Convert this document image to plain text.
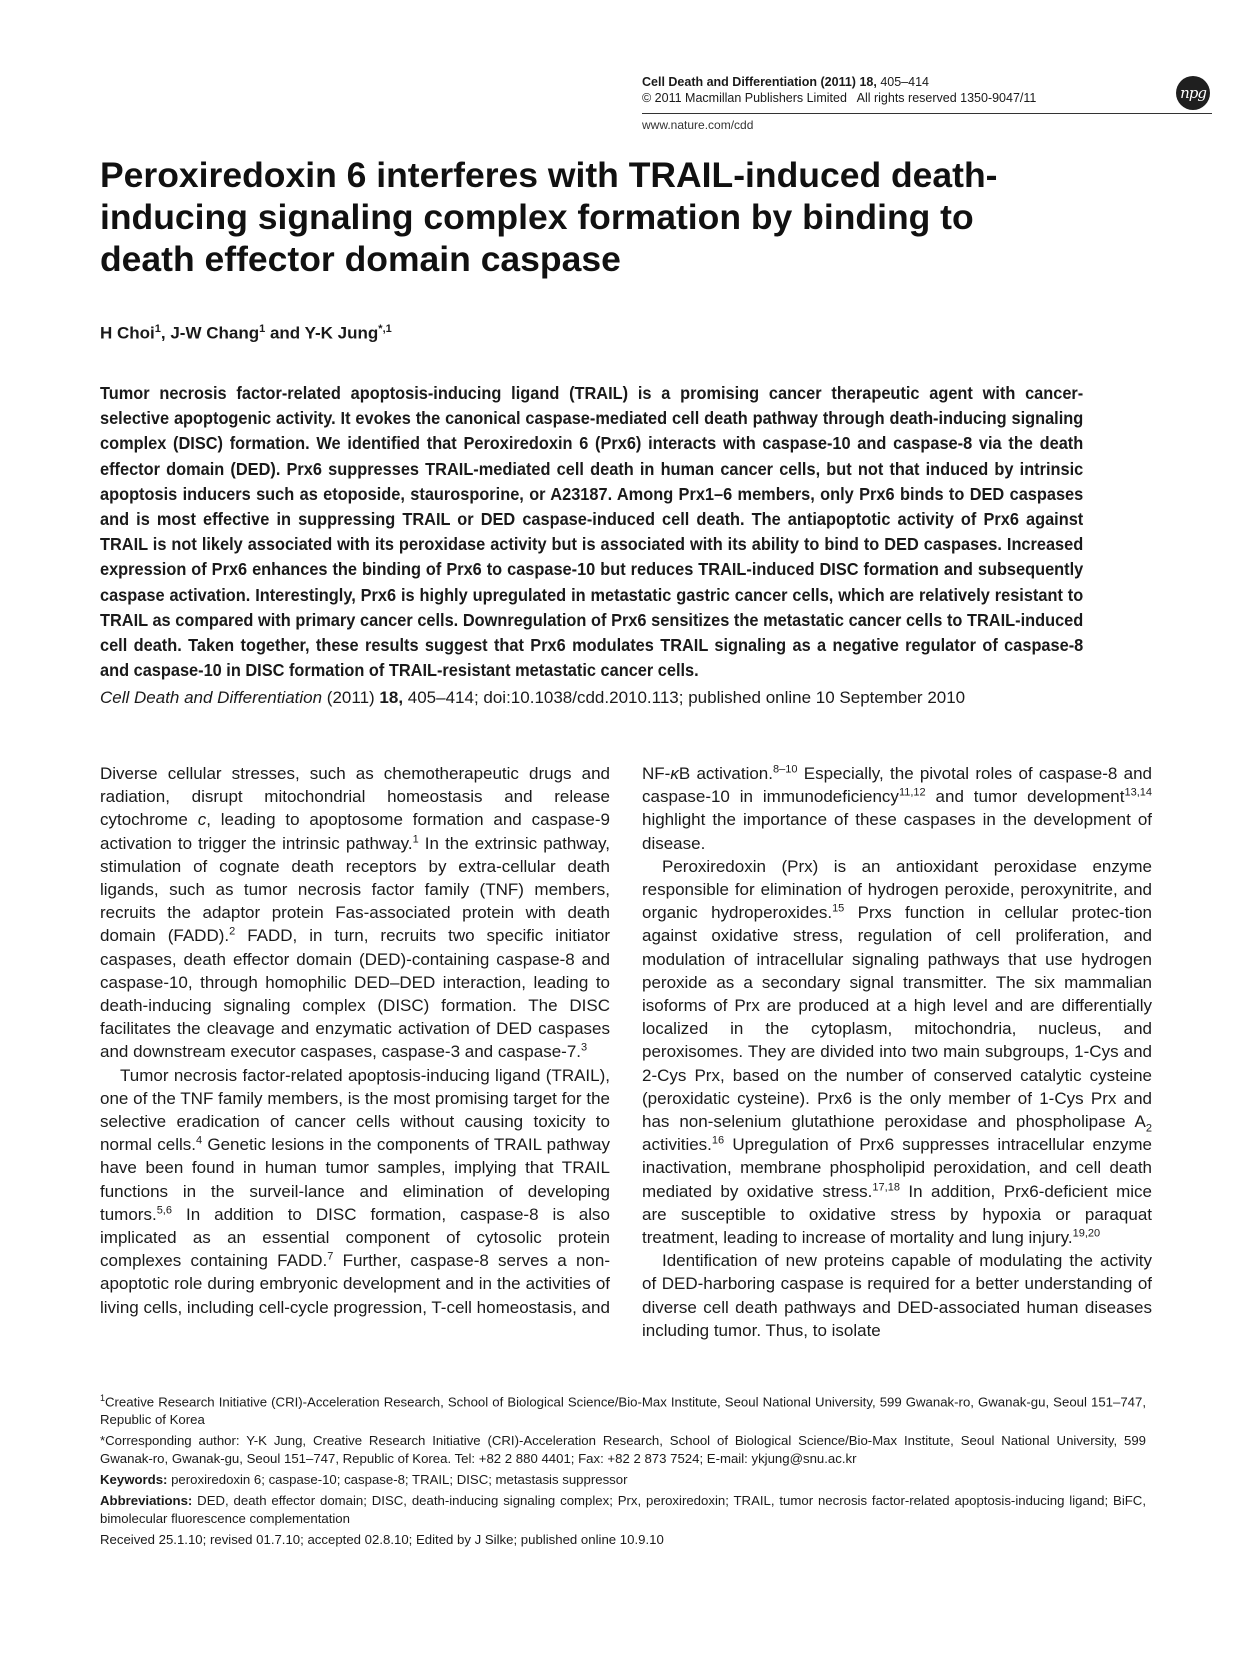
Cell Death and Differentiation (2011) 18, 405–414
© 2011 Macmillan Publishers Limited   All rights reserved 1350-9047/11
www.nature.com/cdd
npg
Peroxiredoxin 6 interferes with TRAIL-induced death-inducing signaling complex formation by binding to death effector domain caspase
H Choi$^1$, J-W Chang$^1$ and Y-K Jung$^{*,1}$
Tumor necrosis factor-related apoptosis-inducing ligand (TRAIL) is a promising cancer therapeutic agent with cancer-selective apoptogenic activity. It evokes the canonical caspase-mediated cell death pathway through death-inducing signaling complex (DISC) formation. We identified that Peroxiredoxin 6 (Prx6) interacts with caspase-10 and caspase-8 via the death effector domain (DED). Prx6 suppresses TRAIL-mediated cell death in human cancer cells, but not that induced by intrinsic apoptosis inducers such as etoposide, staurosporine, or A23187. Among Prx1–6 members, only Prx6 binds to DED caspases and is most effective in suppressing TRAIL or DED caspase-induced cell death. The antiapoptotic activity of Prx6 against TRAIL is not likely associated with its peroxidase activity but is associated with its ability to bind to DED caspases. Increased expression of Prx6 enhances the binding of Prx6 to caspase-10 but reduces TRAIL-induced DISC formation and subsequently caspase activation. Interestingly, Prx6 is highly upregulated in metastatic gastric cancer cells, which are relatively resistant to TRAIL as compared with primary cancer cells. Downregulation of Prx6 sensitizes the metastatic cancer cells to TRAIL-induced cell death. Taken together, these results suggest that Prx6 modulates TRAIL signaling as a negative regulator of caspase-8 and caspase-10 in DISC formation of TRAIL-resistant metastatic cancer cells.
Cell Death and Differentiation (2011) 18, 405–414; doi:10.1038/cdd.2010.113; published online 10 September 2010

Diverse cellular stresses, such as chemotherapeutic drugs and radiation, disrupt mitochondrial homeostasis and release cytochrome c, leading to apoptosome formation and caspase-9 activation to trigger the intrinsic pathway.$^1$ In the extrinsic pathway, stimulation of cognate death receptors by extra-cellular death ligands, such as tumor necrosis factor family (TNF) members, recruits the adaptor protein Fas-associated protein with death domain (FADD).$^2$ FADD, in turn, recruits two specific initiator caspases, death effector domain (DED)-containing caspase-8 and caspase-10, through homophilic DED–DED interaction, leading to death-inducing signaling complex (DISC) formation. The DISC facilitates the cleavage and enzymatic activation of DED caspases and downstream executor caspases, caspase-3 and caspase-7.$^3$

Tumor necrosis factor-related apoptosis-inducing ligand (TRAIL), one of the TNF family members, is the most promising target for the selective eradication of cancer cells without causing toxicity to normal cells.$^4$ Genetic lesions in the components of TRAIL pathway have been found in human tumor samples, implying that TRAIL functions in the surveil-lance and elimination of developing tumors.$^{5,6}$ In addition to DISC formation, caspase-8 is also implicated as an essential component of cytosolic protein complexes containing FADD.$^7$ Further, caspase-8 serves a non-apoptotic role during embryonic development and in the activities of living cells, including cell-cycle progression, T-cell homeostasis, and

NF-κB activation.$^{8-10}$ Especially, the pivotal roles of caspase-8 and caspase-10 in immunodeficiency$^{11,12}$ and tumor development$^{13,14}$ highlight the importance of these caspases in the development of disease.

Peroxiredoxin (Prx) is an antioxidant peroxidase enzyme responsible for elimination of hydrogen peroxide, peroxynitrite, and organic hydroperoxides.$^{15}$ Prxs function in cellular protec-tion against oxidative stress, regulation of cell proliferation, and modulation of intracellular signaling pathways that use hydrogen peroxide as a secondary signal transmitter. The six mammalian isoforms of Prx are produced at a high level and are differentially localized in the cytoplasm, mitochondria, nucleus, and peroxisomes. They are divided into two main subgroups, 1-Cys and 2-Cys Prx, based on the number of conserved catalytic cysteine (peroxidatic cysteine). Prx6 is the only member of 1-Cys Prx and has non-selenium glutathione peroxidase and phospholipase $A_2$ activities.$^{16}$ Upregulation of Prx6 suppresses intracellular enzyme inactivation, membrane phospholipid peroxidation, and cell death mediated by oxidative stress.$^{17,18}$ In addition, Prx6-deficient mice are susceptible to oxidative stress by hypoxia or paraquat treatment, leading to increase of mortality and lung injury.$^{19,20}$

Identification of new proteins capable of modulating the activity of DED-harboring caspase is required for a better understanding of diverse cell death pathways and DED-associated human diseases including tumor. Thus, to isolate

$^1$Creative Research Initiative (CRI)-Acceleration Research, School of Biological Science/Bio-Max Institute, Seoul National University, 599 Gwanak-ro, Gwanak-gu, Seoul 151–747, Republic of Korea

*Corresponding author: Y-K Jung, Creative Research Initiative (CRI)-Acceleration Research, School of Biological Science/Bio-Max Institute, Seoul National University, 599 Gwanak-ro, Gwanak-gu, Seoul 151–747, Republic of Korea. Tel: +82 2 880 4401; Fax: +82 2 873 7524; E-mail: ykjung@snu.ac.kr

Keywords: peroxiredoxin 6; caspase-10; caspase-8; TRAIL; DISC; metastasis suppressor

Abbreviations: DED, death effector domain; DISC, death-inducing signaling complex; Prx, peroxiredoxin; TRAIL, tumor necrosis factor-related apoptosis-inducing ligand; BiFC, bimolecular fluorescence complementation

Received 25.1.10; revised 01.7.10; accepted 02.8.10; Edited by J Silke; published online 10.9.10
